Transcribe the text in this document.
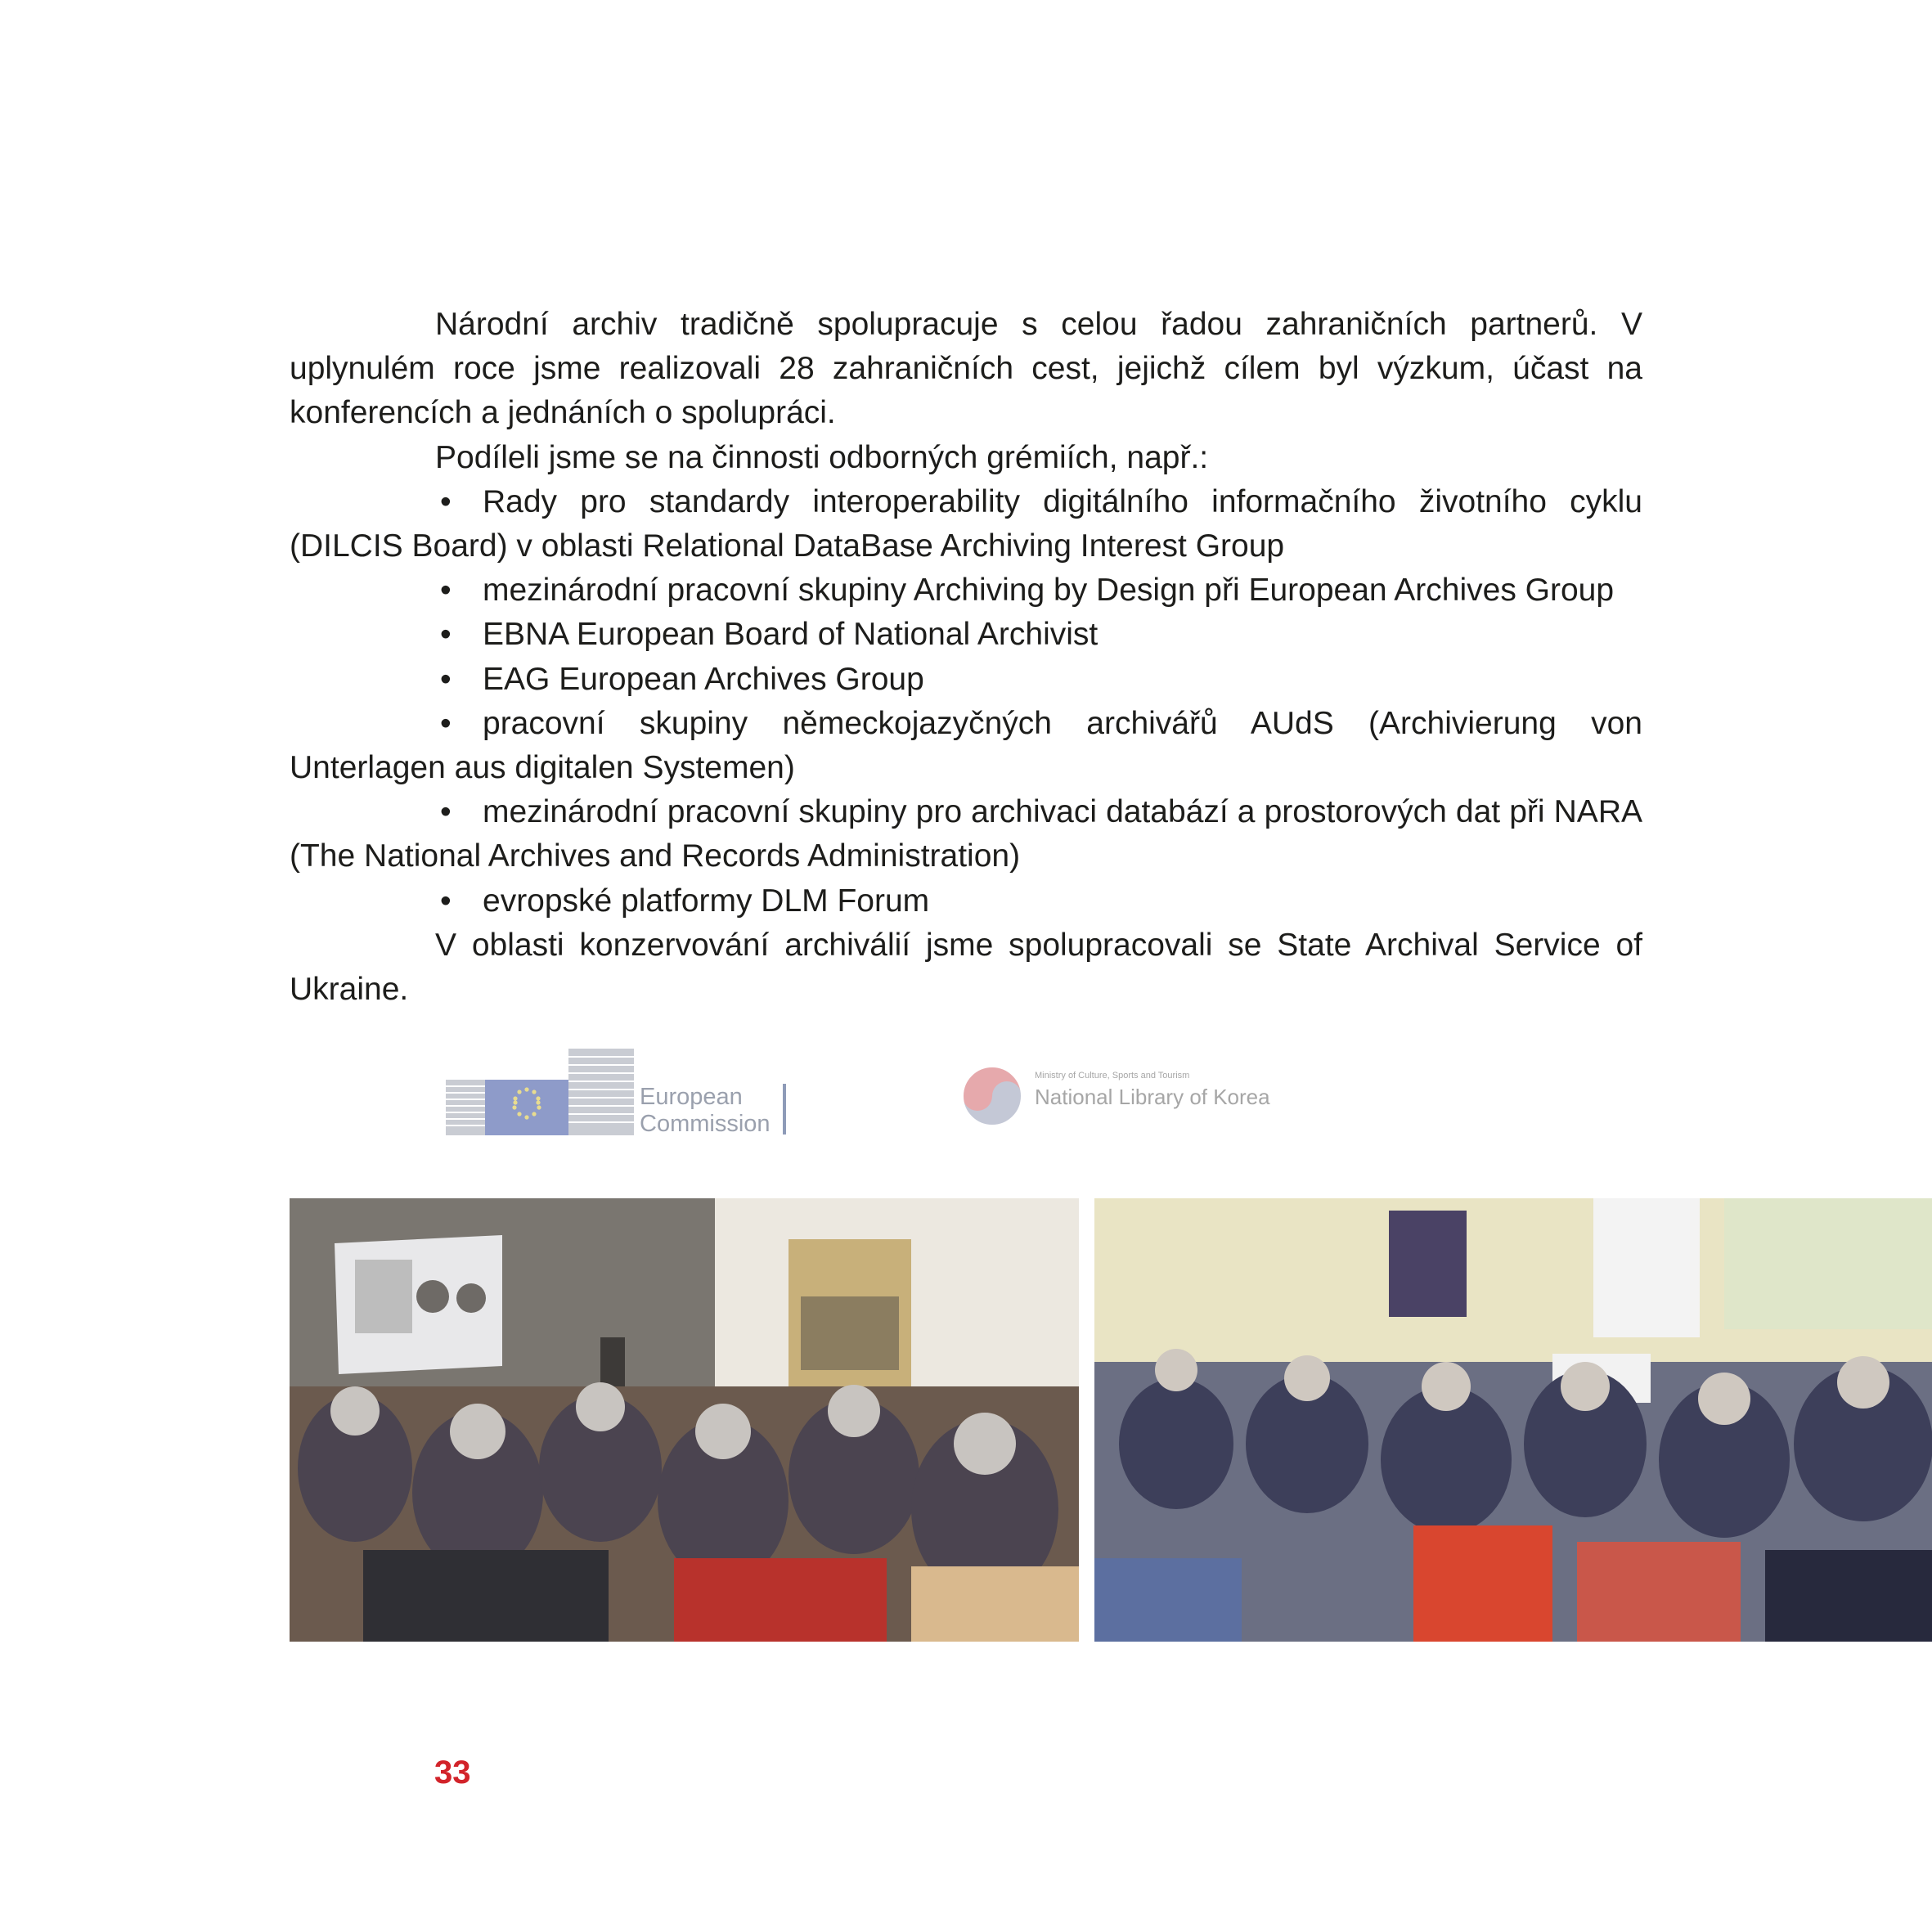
Národní archiv tradičně spolupracuje s celou řadou zahraničních partnerů. V uplynulém roce jsme realizovali 28 zahraničních cest, jejichž cílem byl výzkum, účast na konferencích a jednáních o spolupráci.

Podíleli jsme se na činnosti odborných grémiích, např.:

• Rady pro standardy interoperability digitálního informačního životního cyklu (DILCIS Board) v oblasti Relational DataBase Archiving Interest Group

• mezinárodní pracovní skupiny Archiving by Design při European Archives Group

• EBNA European Board of National Archivist

• EAG European Archives Group

• pracovní skupiny německojazyčných archivářů AUdS (Archivierung von Unterlagen aus digitalen Systemen)

• mezinárodní pracovní skupiny pro archivaci databází a prostorových dat při NARA (The National Archives and Records Administration)

• evropské platformy DLM Forum

V oblasti konzervování archiválií jsme spolupracovali se State Archival Service of Ukraine.

European
Commission
Ministry of Culture, Sports and Tourism
National Library of Korea
33
